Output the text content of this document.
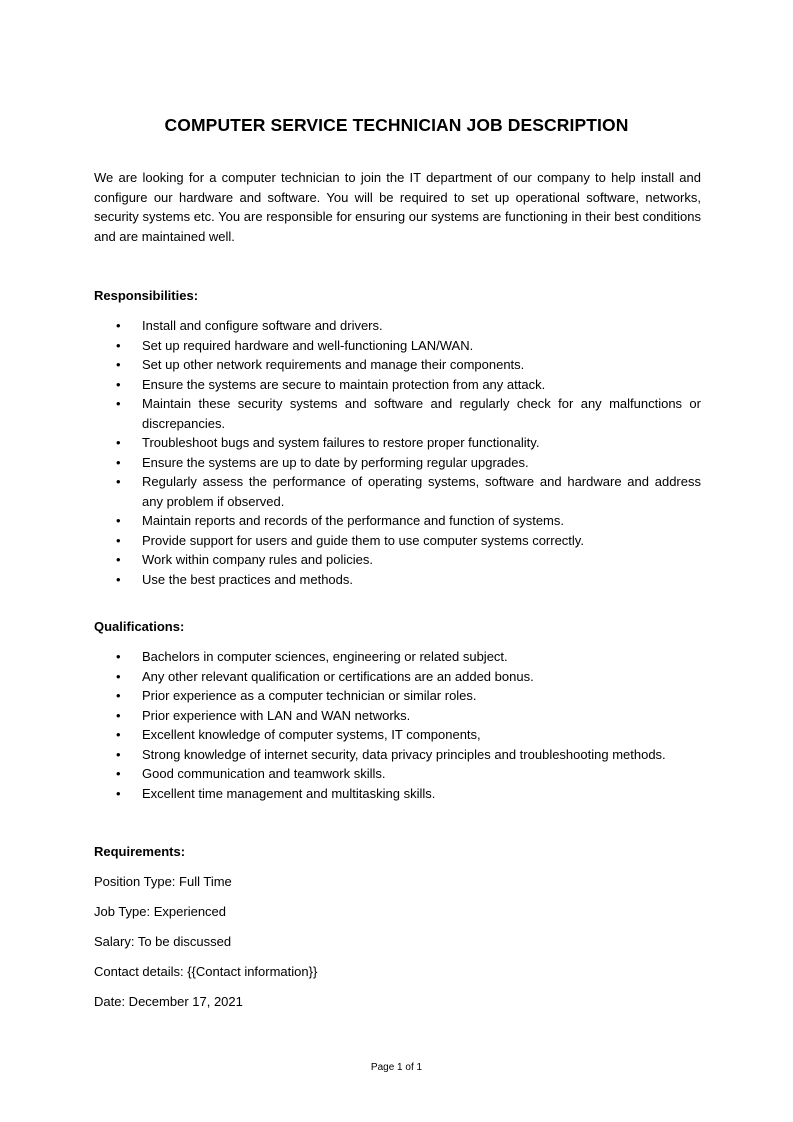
COMPUTER SERVICE TECHNICIAN JOB DESCRIPTION
We are looking for a computer technician to join the IT department of our company to help install and configure our hardware and software. You will be required to set up operational software, networks, security systems etc. You are responsible for ensuring our systems are functioning in their best conditions and are maintained well.
Responsibilities:
• Install and configure software and drivers.
• Set up required hardware and well-functioning LAN/WAN.
• Set up other network requirements and manage their components.
• Ensure the systems are secure to maintain protection from any attack.
• Maintain these security systems and software and regularly check for any malfunctions or discrepancies.
• Troubleshoot bugs and system failures to restore proper functionality.
• Ensure the systems are up to date by performing regular upgrades.
• Regularly assess the performance of operating systems, software and hardware and address any problem if observed.
• Maintain reports and records of the performance and function of systems.
• Provide support for users and guide them to use computer systems correctly.
• Work within company rules and policies.
• Use the best practices and methods.
Qualifications:
• Bachelors in computer sciences, engineering or related subject.
• Any other relevant qualification or certifications are an added bonus.
• Prior experience as a computer technician or similar roles.
• Prior experience with LAN and WAN networks.
• Excellent knowledge of computer systems, IT components,
• Strong knowledge of internet security, data privacy principles and troubleshooting methods.
• Good communication and teamwork skills.
• Excellent time management and multitasking skills.
Requirements:
Position Type: Full Time
Job Type: Experienced
Salary: To be discussed
Contact details: {{Contact information}}
Date: December 17, 2021
Page 1 of 1
